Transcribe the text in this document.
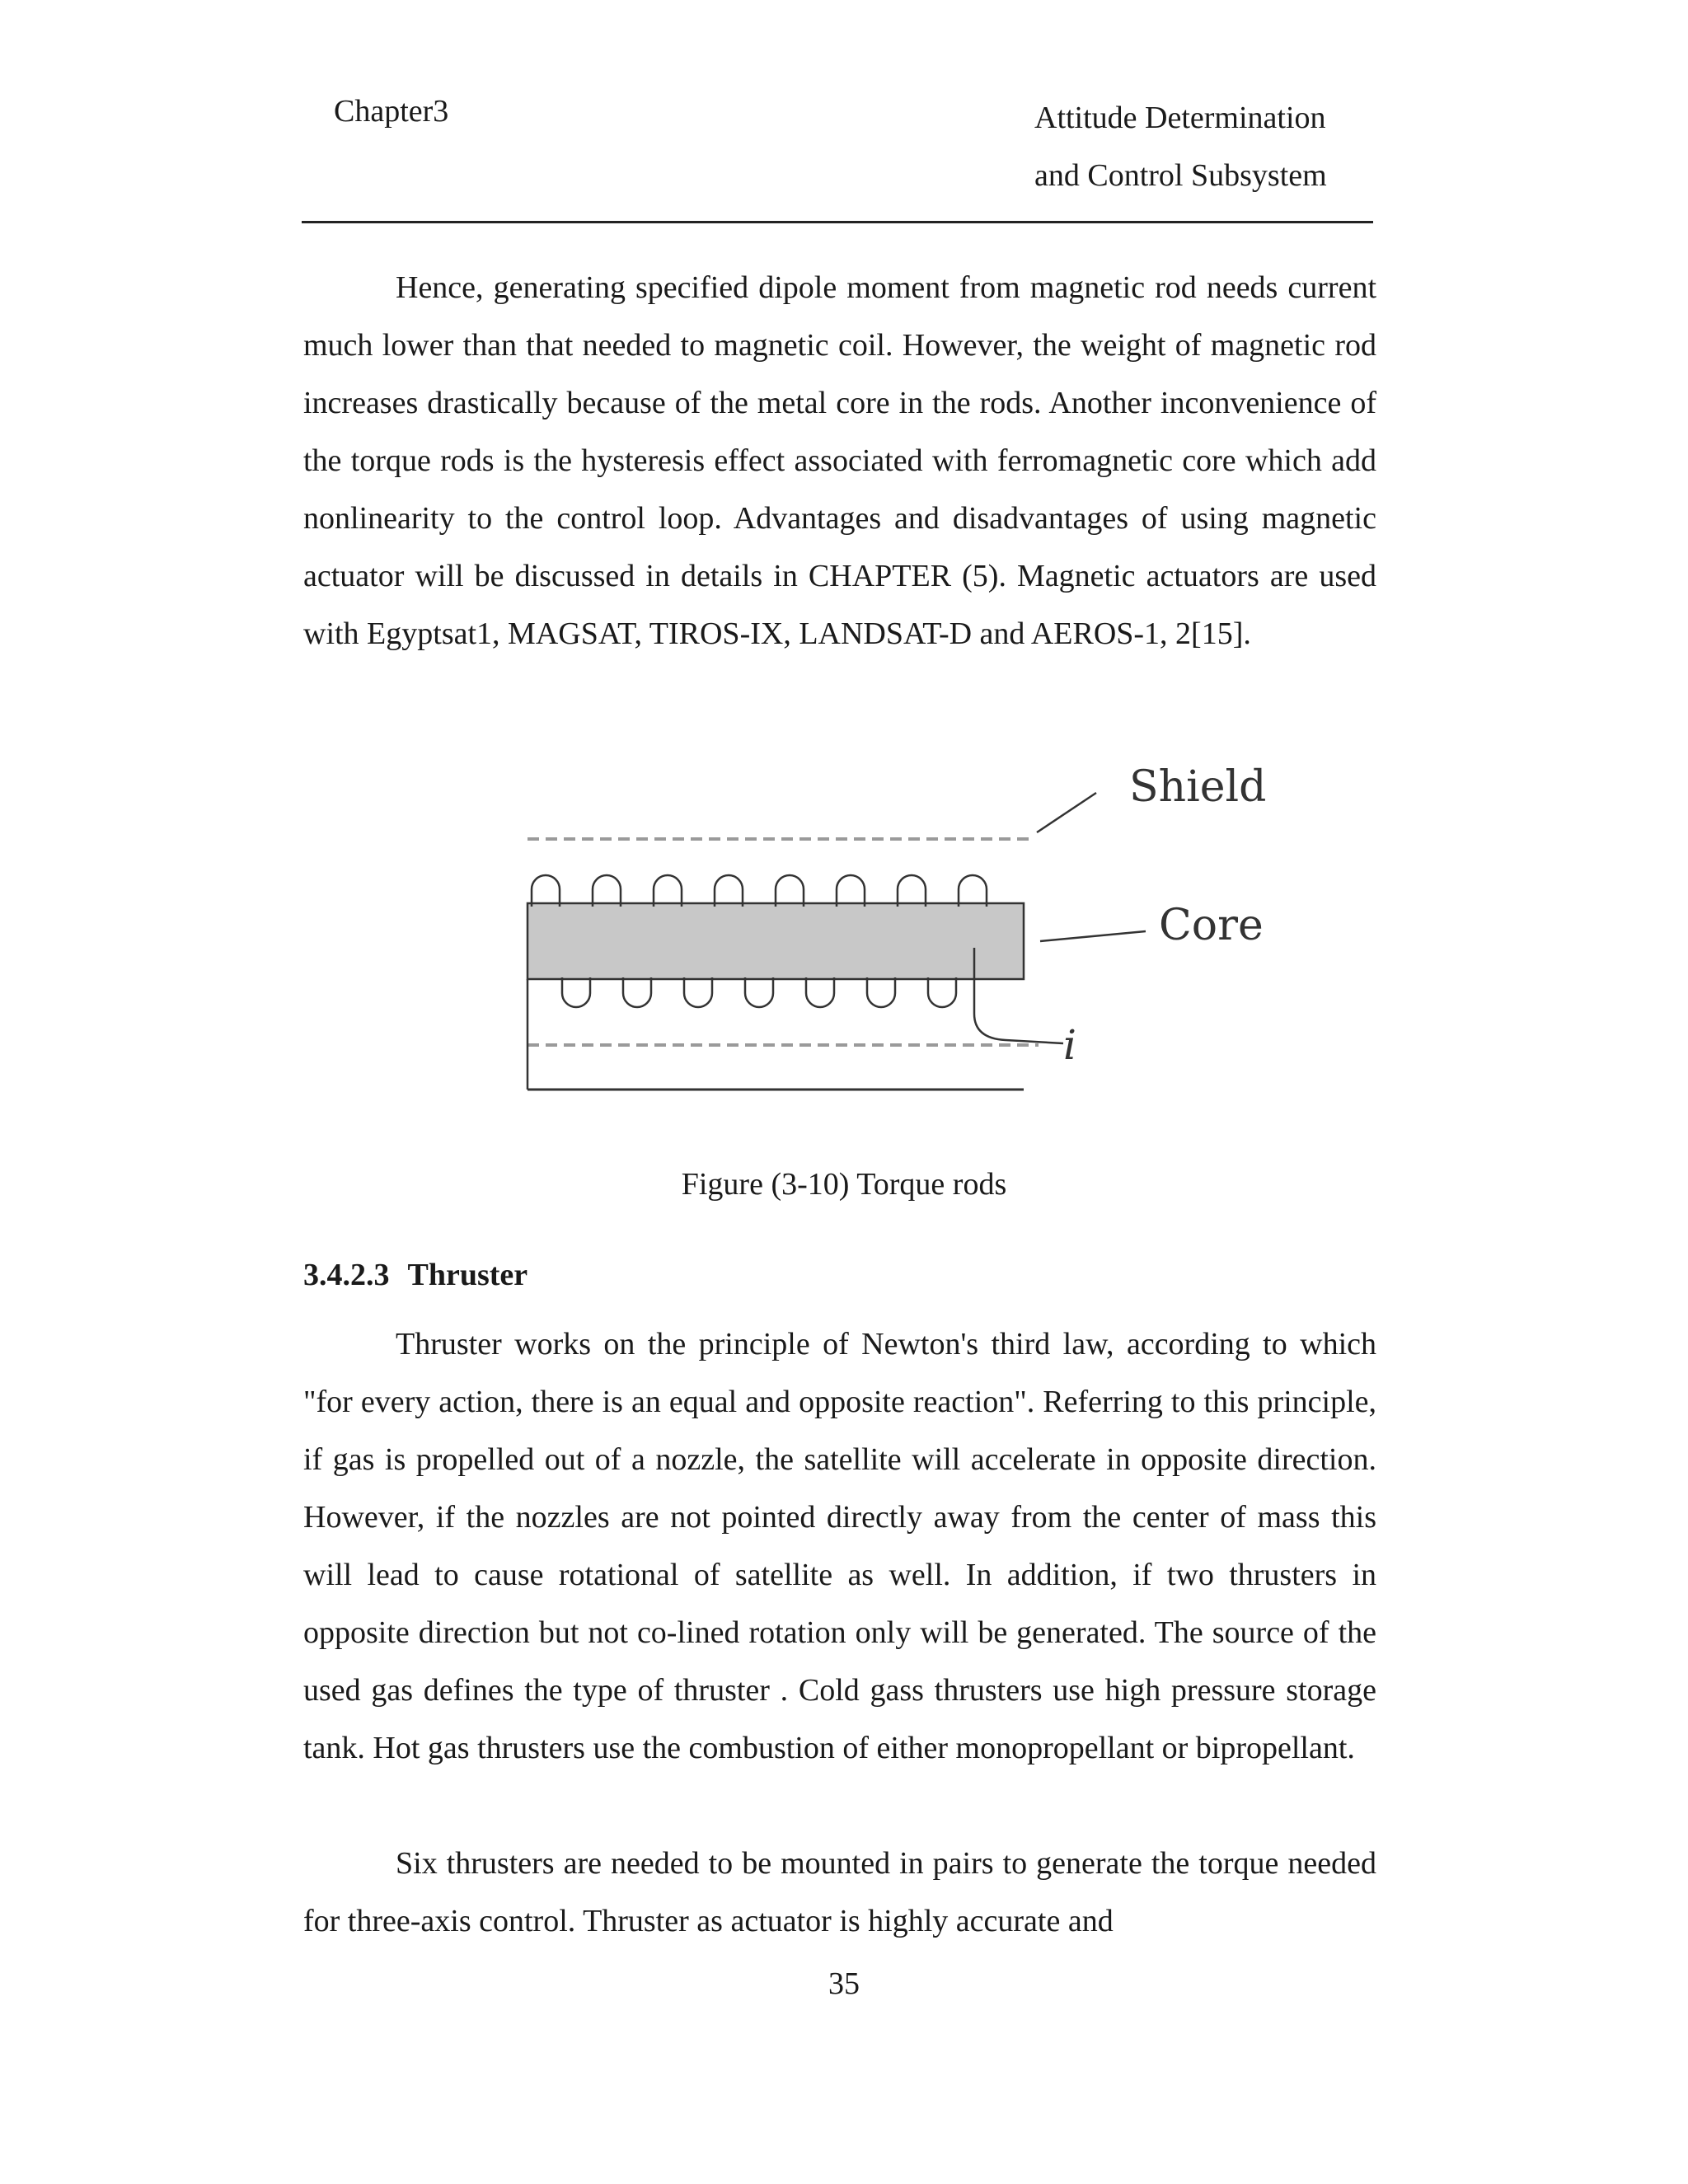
Chapter3	Attitude Determination
and Control Subsystem

Hence, generating specified dipole moment from magnetic rod needs current much lower than that needed to magnetic coil. However, the weight of magnetic rod increases drastically because of the metal core in the rods. Another inconvenience of the torque rods is the hysteresis effect associated with ferromagnetic core which add nonlinearity to the control loop. Advantages and disadvantages of using magnetic actuator will be discussed in details in CHAPTER (5). Magnetic actuators are used with Egyptsat1, MAGSAT, TIROS-IX, LANDSAT-D and AEROS-1, 2[15].

Shield
Core
i
Figure (3-10) Torque rods
3.4.2.3 Thruster

Thruster works on the principle of Newton's third law, according to which "for every action, there is an equal and opposite reaction". Referring to this principle, if gas is propelled out of a nozzle, the satellite will accelerate in opposite direction. However, if the nozzles are not pointed directly away from the center of mass this will lead to cause rotational of satellite as well. In addition, if two thrusters in opposite direction but not co-lined rotation only will be generated. The source of the used gas defines the type of thruster . Cold gass thrusters use high pressure storage tank. Hot gas thrusters use the combustion of either monopropellant or bipropellant.

Six thrusters are needed to be mounted in pairs to generate the torque needed for three-axis control. Thruster as actuator is highly accurate and

35
